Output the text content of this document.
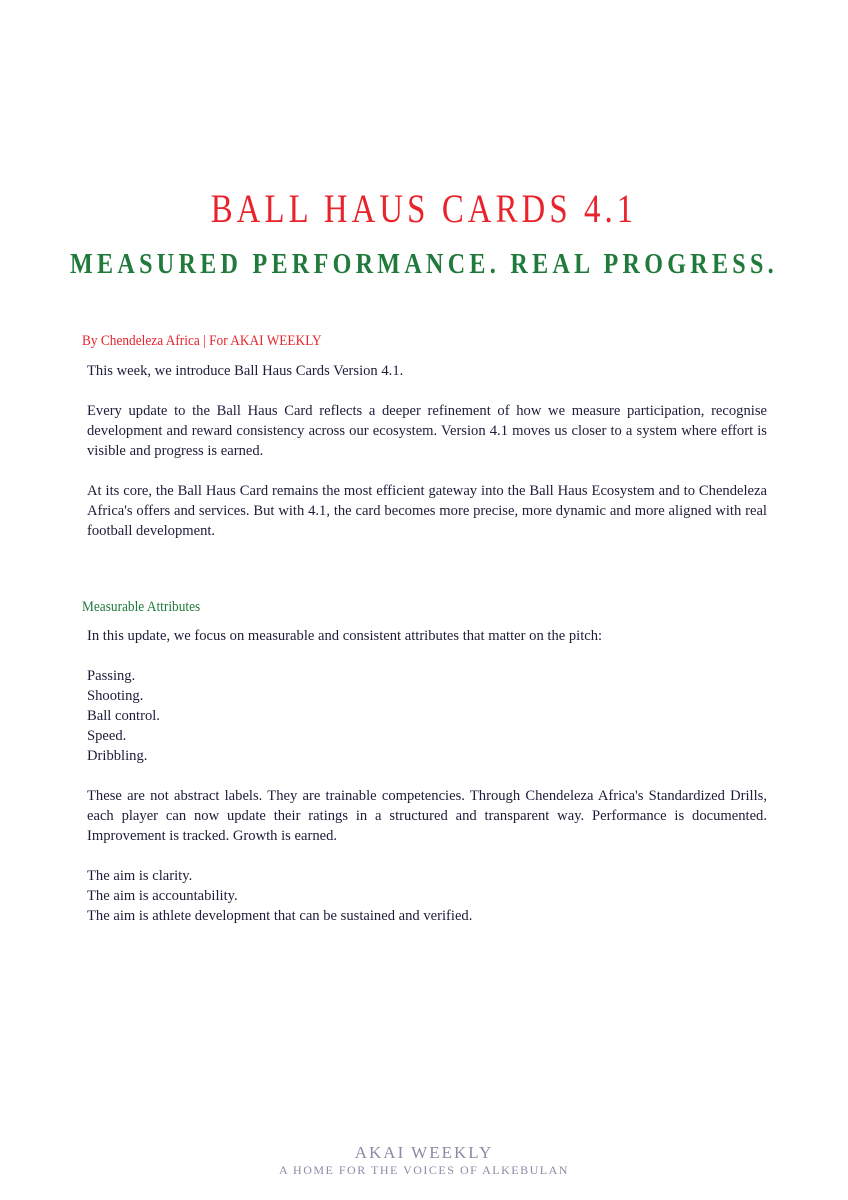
BALL HAUS CARDS 4.1
MEASURED PERFORMANCE. REAL PROGRESS.
By Chendeleza Africa | For AKAI WEEKLY

This week, we introduce Ball Haus Cards Version 4.1.

Every update to the Ball Haus Card reflects a deeper refinement of how we measure participation, recognise development and reward consistency across our ecosystem. Version 4.1 moves us closer to a system where effort is visible and progress is earned.

At its core, the Ball Haus Card remains the most efficient gateway into the Ball Haus Ecosystem and to Chendeleza Africa's offers and services. But with 4.1, the card becomes more precise, more dynamic and more aligned with real football development.

Measurable Attributes

In this update, we focus on measurable and consistent attributes that matter on the pitch:

Passing.

Shooting.

Ball control.

Speed.

Dribbling.

These are not abstract labels. They are trainable competencies. Through Chendeleza Africa's Standardized Drills, each player can now update their ratings in a structured and transparent way. Performance is documented. Improvement is tracked. Growth is earned.

The aim is clarity.

The aim is accountability.

The aim is athlete development that can be sustained and verified.

AKAI WEEKLY
A HOME FOR THE VOICES OF ALKEBULAN
